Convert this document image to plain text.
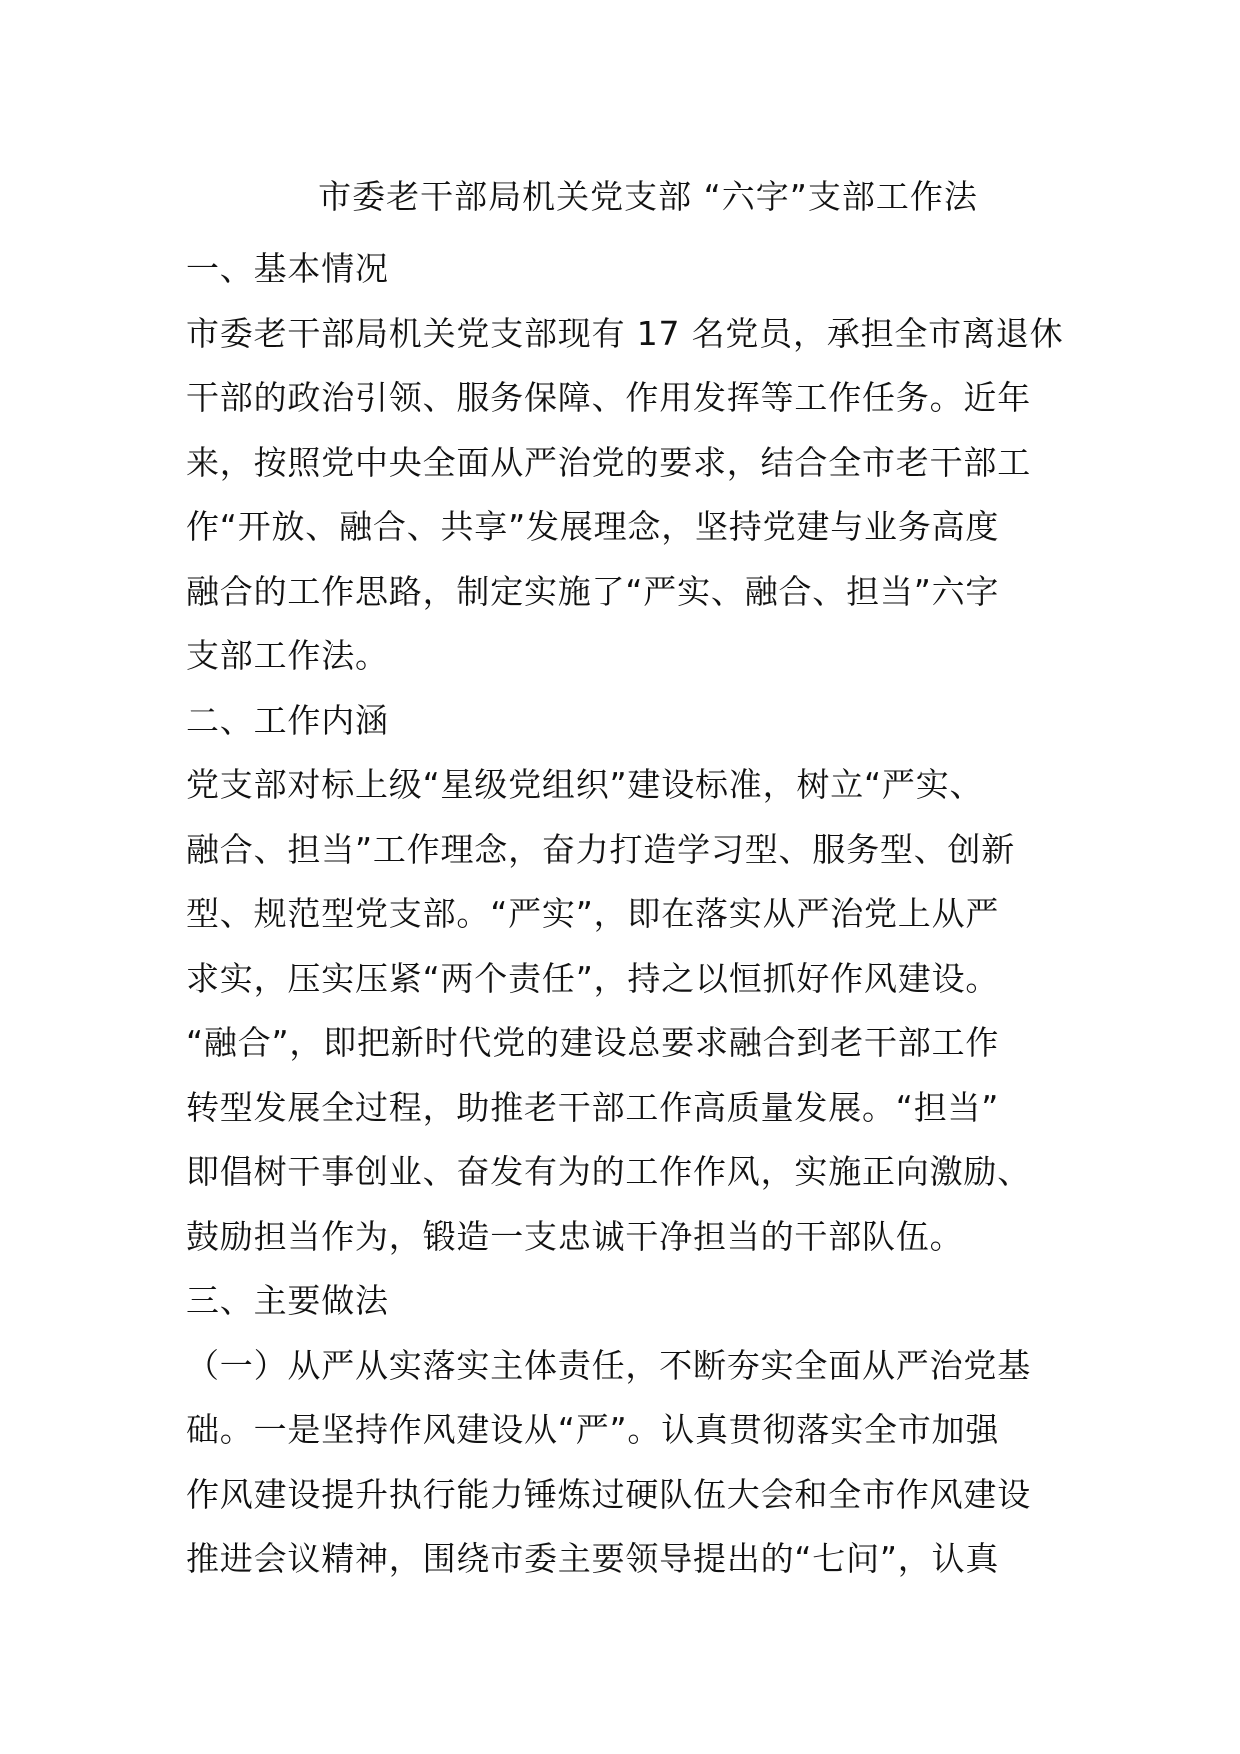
市委老干部局机关党支部 “六字”支部工作法
一、基本情况
市委老干部局机关党支部现有 17 名党员，承担全市离退休
干部的政治引领、服务保障、作用发挥等工作任务。近年
来，按照党中央全面从严治党的要求，结合全市老干部工
作“开放、融合、共享”发展理念，坚持党建与业务高度
融合的工作思路，制定实施了“严实、融合、担当”六字
支部工作法。
二、工作内涵
党支部对标上级“星级党组织”建设标准，树立“严实、
融合、担当”工作理念，奋力打造学习型、服务型、创新
型、规范型党支部。“严实”，即在落实从严治党上从严
求实，压实压紧“两个责任”，持之以恒抓好作风建设。
“融合”，即把新时代党的建设总要求融合到老干部工作
转型发展全过程，助推老干部工作高质量发展。“担当”
即倡树干事创业、奋发有为的工作作风，实施正向激励、
鼓励担当作为，锻造一支忠诚干净担当的干部队伍。
三、主要做法
（一）从严从实落实主体责任，不断夯实全面从严治党基
础。一是坚持作风建设从“严”。认真贯彻落实全市加强
作风建设提升执行能力锤炼过硬队伍大会和全市作风建设
推进会议精神，围绕市委主要领导提出的“七问”，认真
